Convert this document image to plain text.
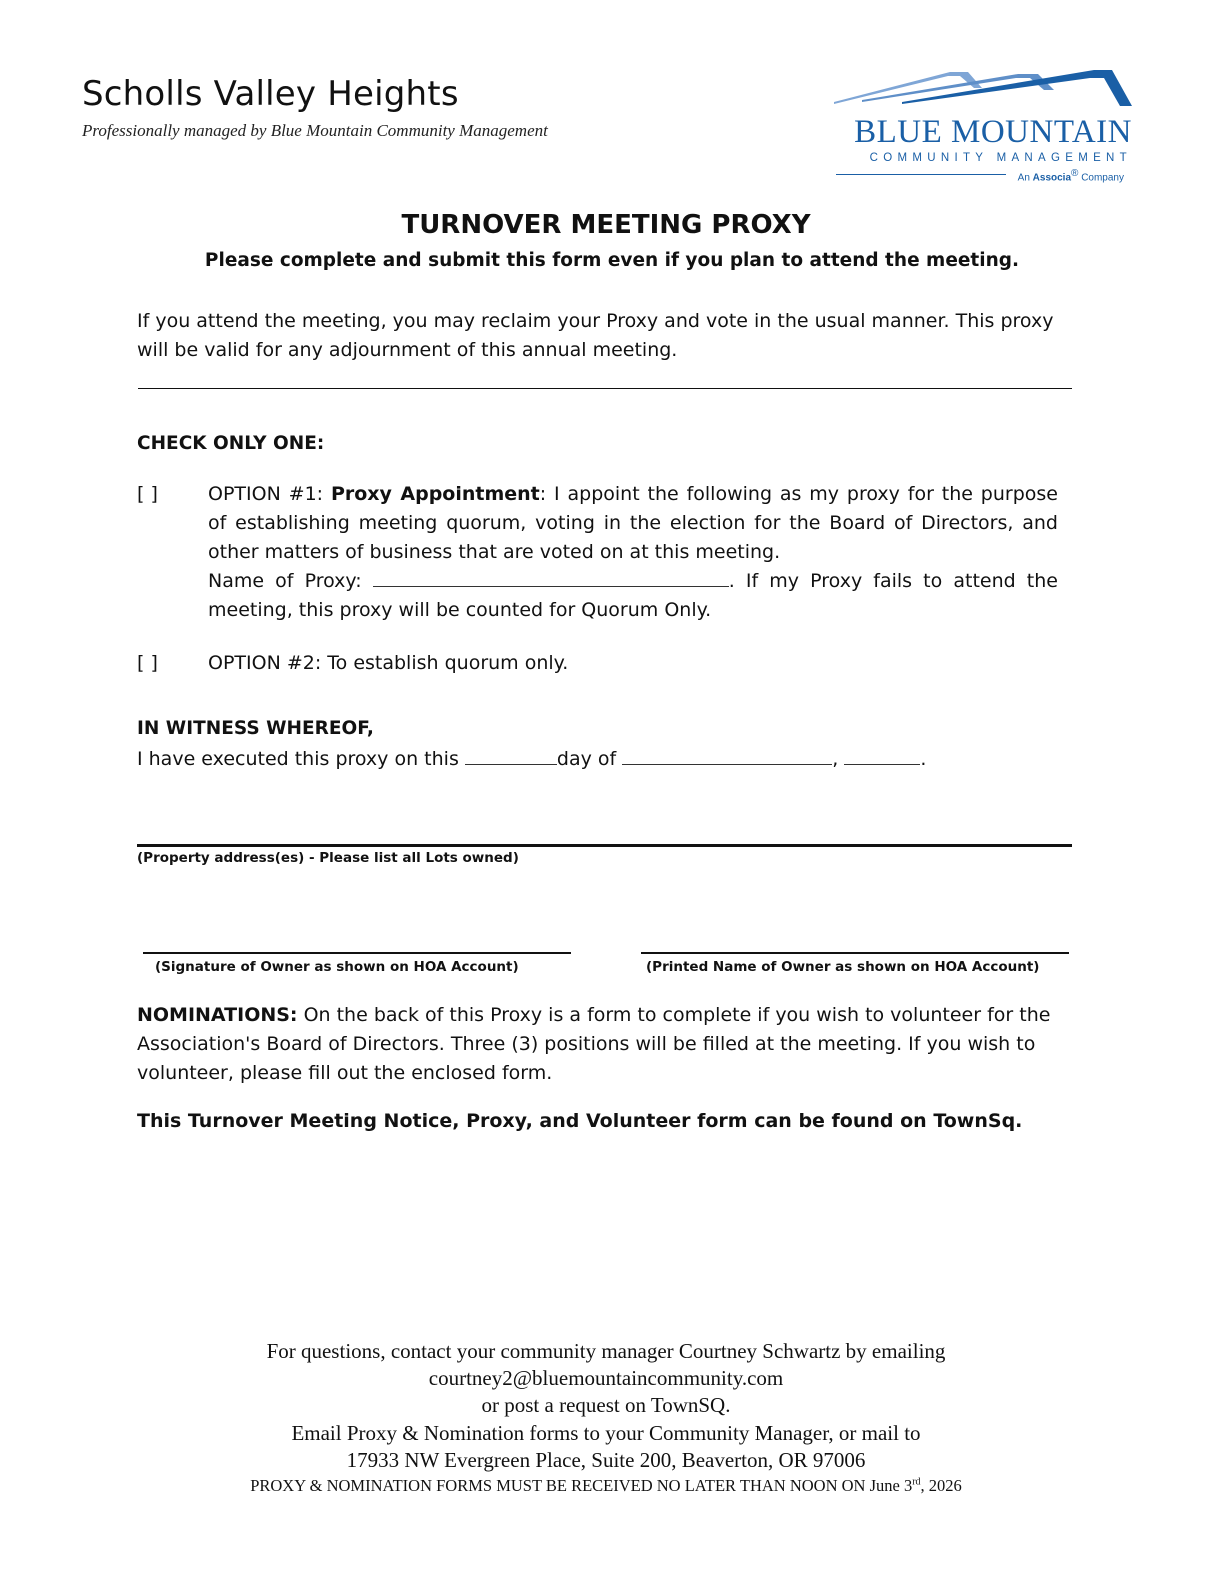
Scholls Valley Heights
Professionally managed by Blue Mountain Community Management	BLUE MOUNTAIN
COMMUNITY MANAGEMENT
An Associa® Company
TURNOVER MEETING PROXY
Please complete and submit this form even if you plan to attend the meeting.
If you attend the meeting, you may reclaim your Proxy and vote in the usual manner. This proxy will be valid for any adjournment of this annual meeting.
CHECK ONLY ONE:
[ ]	OPTION #1: Proxy Appointment: I appoint the following as my proxy for the purpose of establishing meeting quorum, voting in the election for the Board of Directors, and other matters of business that are voted on at this meeting.
Name of Proxy:	. If my Proxy fails to attend the meeting, this proxy will be counted for Quorum Only.
[ ]	OPTION #2: To establish quorum only.
IN WITNESS WHEREOF,
I have executed this proxy on this	day of	,	.
(Property address(es) - Please list all Lots owned)
(Signature of Owner as shown on HOA Account)	(Printed Name of Owner as shown on HOA Account)
NOMINATIONS: On the back of this Proxy is a form to complete if you wish to volunteer for the Association's Board of Directors. Three (3) positions will be filled at the meeting. If you wish to volunteer, please fill out the enclosed form.
This Turnover Meeting Notice, Proxy, and Volunteer form can be found on TownSq.
For questions, contact your community manager Courtney Schwartz by emailing
courtney2@bluemountaincommunity.com
or post a request on TownSQ.
Email Proxy & Nomination forms to your Community Manager, or mail to
17933 NW Evergreen Place, Suite 200, Beaverton, OR 97006
PROXY & NOMINATION FORMS MUST BE RECEIVED NO LATER THAN NOON ON June 3rd, 2026
